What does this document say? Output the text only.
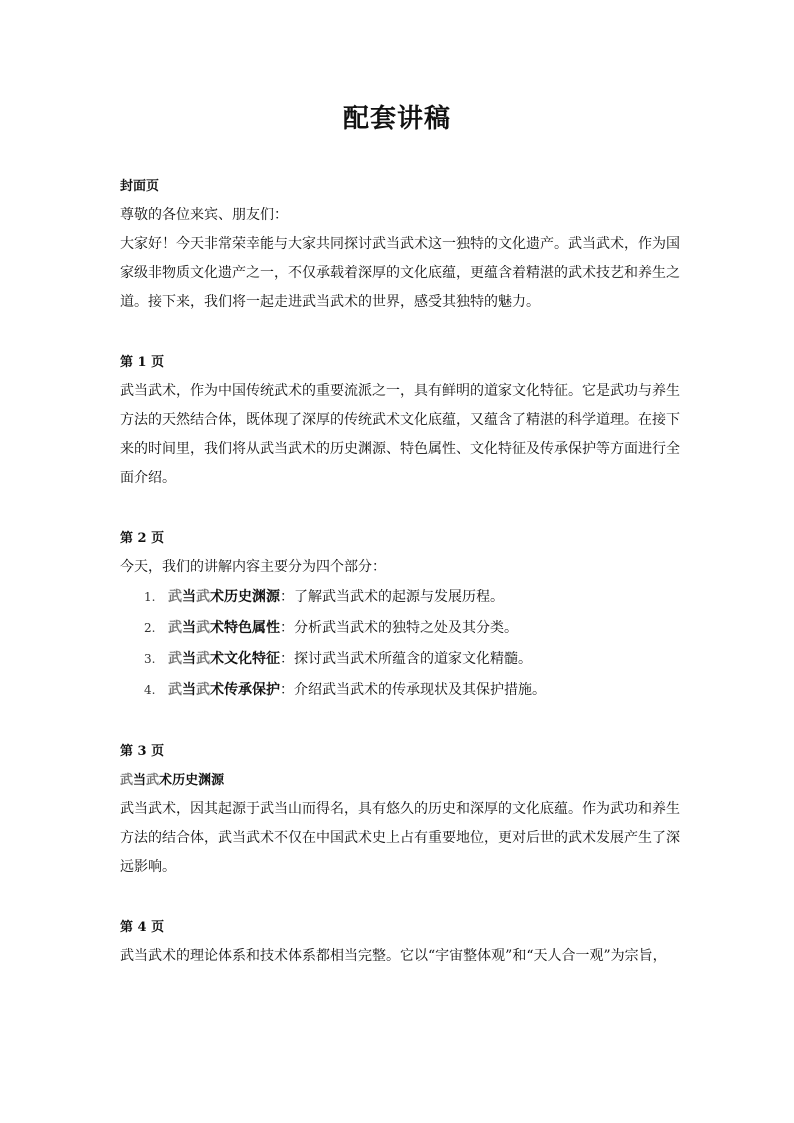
配套讲稿
封面页
尊敬的各位来宾、朋友们：
大家好！今天非常荣幸能与大家共同探讨武当武术这一独特的文化遗产。武当武术，作为国
家级非物质文化遗产之一，不仅承载着深厚的文化底蕴，更蕴含着精湛的武术技艺和养生之
道。接下来，我们将一起走进武当武术的世界，感受其独特的魅力。
第 1 页
武当武术，作为中国传统武术的重要流派之一，具有鲜明的道家文化特征。它是武功与养生
方法的天然结合体，既体现了深厚的传统武术文化底蕴，又蕴含了精湛的科学道理。在接下
来的时间里，我们将从武当武术的历史渊源、特色属性、文化特征及传承保护等方面进行全
面介绍。
第 2 页
今天，我们的讲解内容主要分为四个部分：
1. 武当武术历史渊源：了解武当武术的起源与发展历程。
2. 武当武术特色属性：分析武当武术的独特之处及其分类。
3. 武当武术文化特征：探讨武当武术所蕴含的道家文化精髓。
4. 武当武术传承保护：介绍武当武术的传承现状及其保护措施。
第 3 页
武当武术历史渊源
武当武术，因其起源于武当山而得名，具有悠久的历史和深厚的文化底蕴。作为武功和养生
方法的结合体，武当武术不仅在中国武术史上占有重要地位，更对后世的武术发展产生了深
远影响。
第 4 页
武当武术的理论体系和技术体系都相当完整。它以“宇宙整体观”和“天人合一观”为宗旨，
